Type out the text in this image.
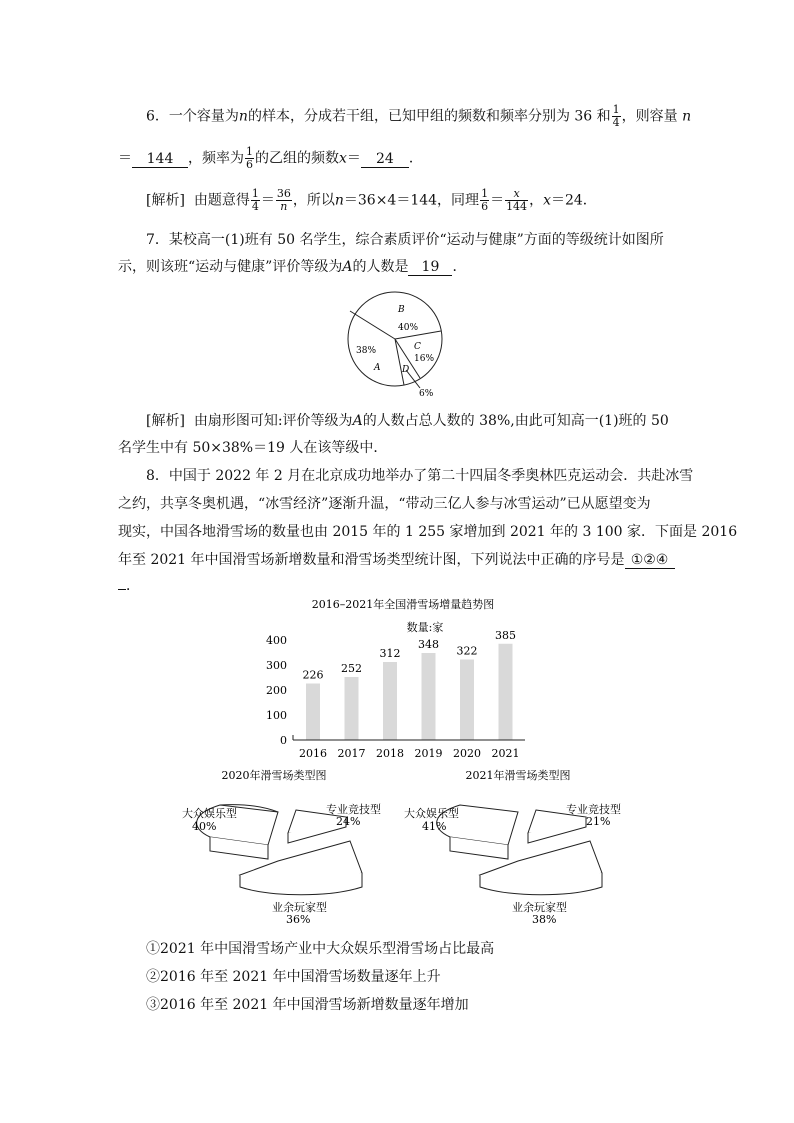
6．一个容量为n的样本，分成若干组，已知甲组的频数和频率分别为 36 和 $\frac{1}{4}$ ，则容量 n
＝ 144 ，频率为 $\frac{1}{6}$ 的乙组的频数x＝ 24 ．
[解析] 由题意得 $\frac{1}{4} = \frac{36}{n}$ ，所以n＝36×4＝144，同理 $\frac{1}{6} = \frac{x}{144}$ ，x＝24．
7．某校高一(1)班有 50 名学生，综合素质评价“运动与健康”方面的等级统计如图所
示，则该班“运动与健康”评价等级为A的人数是 19 ．
B
40%
38%
A
C
16%
D
6%
[解析] 由扇形图可知:评价等级为A的人数占总人数的 38%,由此可知高一(1)班的 50
名学生中有 50×38%＝19 人在该等级中．
8．中国于 2022 年 2 月在北京成功地举办了第二十四届冬季奥林匹克运动会．共赴冰雪
之约，共享冬奥机遇，“冰雪经济”逐渐升温，“带动三亿人参与冰雪运动”已从愿望变为
现实，中国各地滑雪场的数量也由 2015 年的 1 255 家增加到 2021 年的 3 100 家．下面是 2016
年至 2021 年中国滑雪场新增数量和滑雪场类型统计图，下列说法中正确的序号是 ①②④
．
2016–2021年全国滑雪场增量趋势图
数量:家
0
100
200
300
400
226
2016
252
2017
312
2018
348
2019
322
2020
385
2021
2020年滑雪场类型图
大众娱乐型
40%
专业竞技型
24%
业余玩家型
36%
2021年滑雪场类型图
大众娱乐型
41%
专业竞技型
21%
业余玩家型
38%
①2021 年中国滑雪场产业中大众娱乐型滑雪场占比最高
②2016 年至 2021 年中国滑雪场数量逐年上升
③2016 年至 2021 年中国滑雪场新增数量逐年增加
